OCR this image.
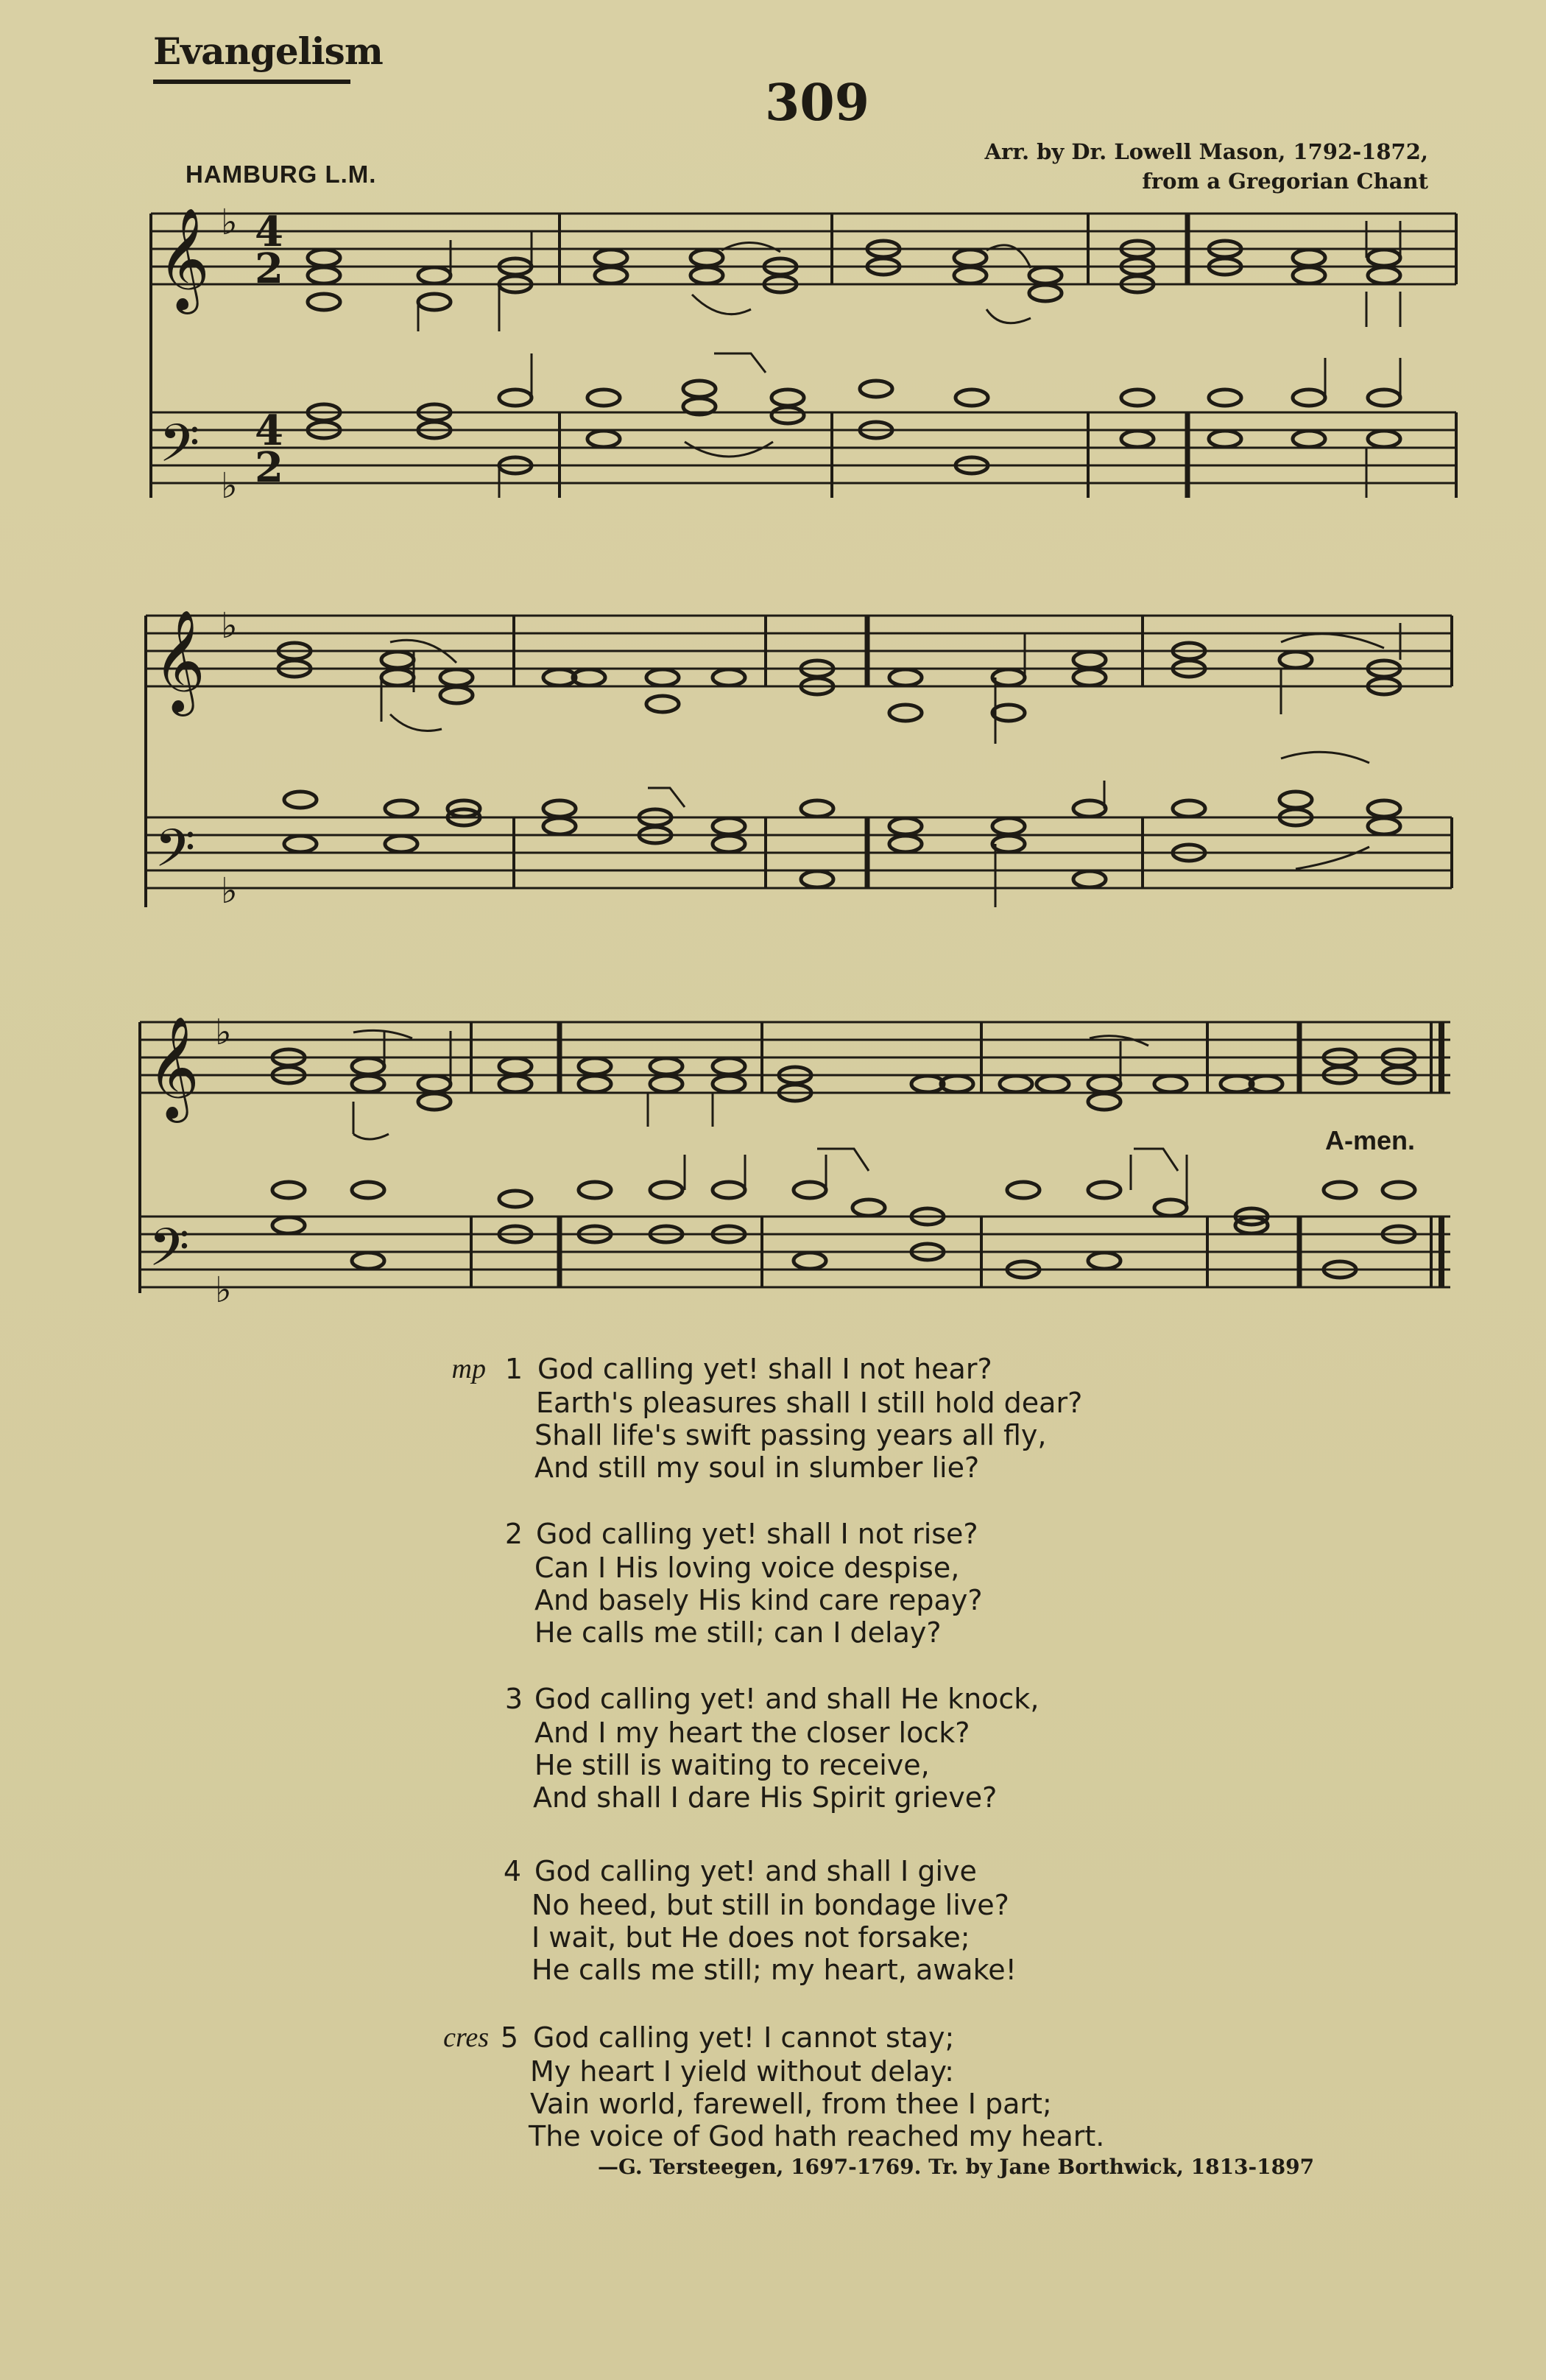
Evangelism
309
HAMBURG L.M.
Arr. by Dr. Lowell Mason, 1792-1872,
from a Gregorian Chant
𝄞
𝄢
𝄞
𝄢
𝄞
𝄢
♭
♭
♭
♭
♭
♭
4
2
4
2
A-men.
mp 1 God calling yet! shall I not hear?
Earth's pleasures shall I still hold dear?
Shall life's swift passing years all fly,
And still my soul in slumber lie?
2 God calling yet! shall I not rise?
Can I His loving voice despise,
And basely His kind care repay?
He calls me still; can I delay?
3 God calling yet! and shall He knock,
And I my heart the closer lock?
He still is waiting to receive,
And shall I dare His Spirit grieve?
4 God calling yet! and shall I give
No heed, but still in bondage live?
I wait, but He does not forsake;
He calls me still; my heart, awake!
cres 5 God calling yet! I cannot stay;
My heart I yield without delay:
Vain world, farewell, from thee I part;
The voice of God hath reached my heart.
—G. Tersteegen, 1697-1769. Tr. by Jane Borthwick, 1813-1897
